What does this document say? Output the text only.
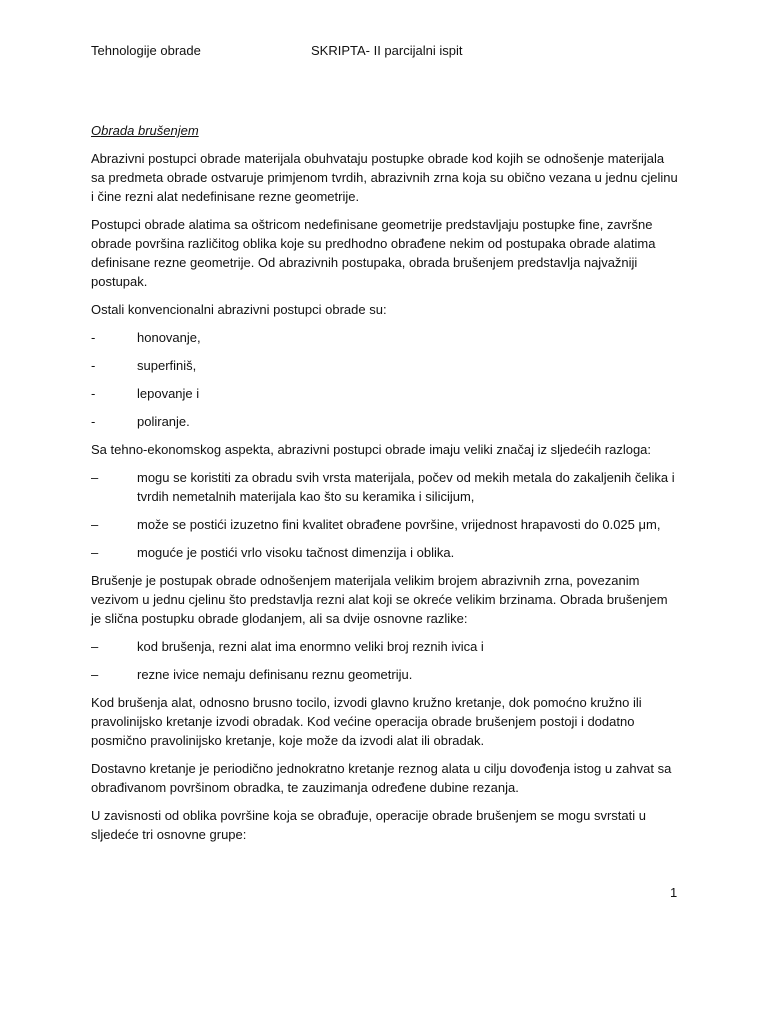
Tehnologije obrade	SKRIPTA- II parcijalni ispit

Obrada brušenjem

Abrazivni postupci obrade materijala obuhvataju postupke obrade kod kojih se odnošenje materijala sa predmeta obrade ostvaruje primjenom tvrdih, abrazivnih zrna koja su obično vezana u jednu cjelinu i čine rezni alat nedefinisane rezne geometrije.

Postupci obrade alatima sa oštricom nedefinisane geometrije predstavljaju postupke fine, završne obrade površina različitog oblika koje su predhodno obrađene nekim od postupaka obrade alatima definisane rezne geometrije. Od abrazivnih postupaka, obrada brušenjem predstavlja najvažniji postupak.

Ostali konvencionalni abrazivni postupci obrade su:

-	honovanje,
-	superfiniš,
-	lepovanje i
-	poliranje.

Sa tehno-ekonomskog aspekta, abrazivni postupci obrade imaju veliki značaj iz sljedećih razloga:

–	mogu se koristiti za obradu svih vrsta materijala, počev od mekih metala do zakaljenih čelika i tvrdih nemetalnih materijala kao što su keramika i silicijum,
–	može se postići izuzetno fini kvalitet obrađene površine, vrijednost hrapavosti do 0.025 μm,
–	moguće je postići vrlo visoku tačnost dimenzija i oblika.

Brušenje je postupak obrade odnošenjem materijala velikim brojem abrazivnih zrna, povezanim vezivom u jednu cjelinu što predstavlja rezni alat koji se okreće velikim brzinama. Obrada brušenjem je slična postupku obrade glodanjem, ali sa dvije osnovne razlike:

–	kod brušenja, rezni alat ima enormno veliki broj reznih ivica i
–	rezne ivice nemaju definisanu reznu geometriju.

Kod brušenja alat, odnosno brusno tocilo, izvodi glavno kružno kretanje, dok pomoćno kružno ili pravolinijsko kretanje izvodi obradak. Kod većine operacija obrade brušenjem postoji i dodatno posmično pravolinijsko kretanje, koje može da izvodi alat ili obradak.

Dostavno kretanje je periodično jednokratno kretanje reznog alata u cilju dovođenja istog u zahvat sa obrađivanom površinom obradka, te zauzimanja određene dubine rezanja.

U zavisnosti od oblika površine koja se obrađuje, operacije obrade brušenjem se mogu svrstati u sljedeće tri osnovne grupe:

1
